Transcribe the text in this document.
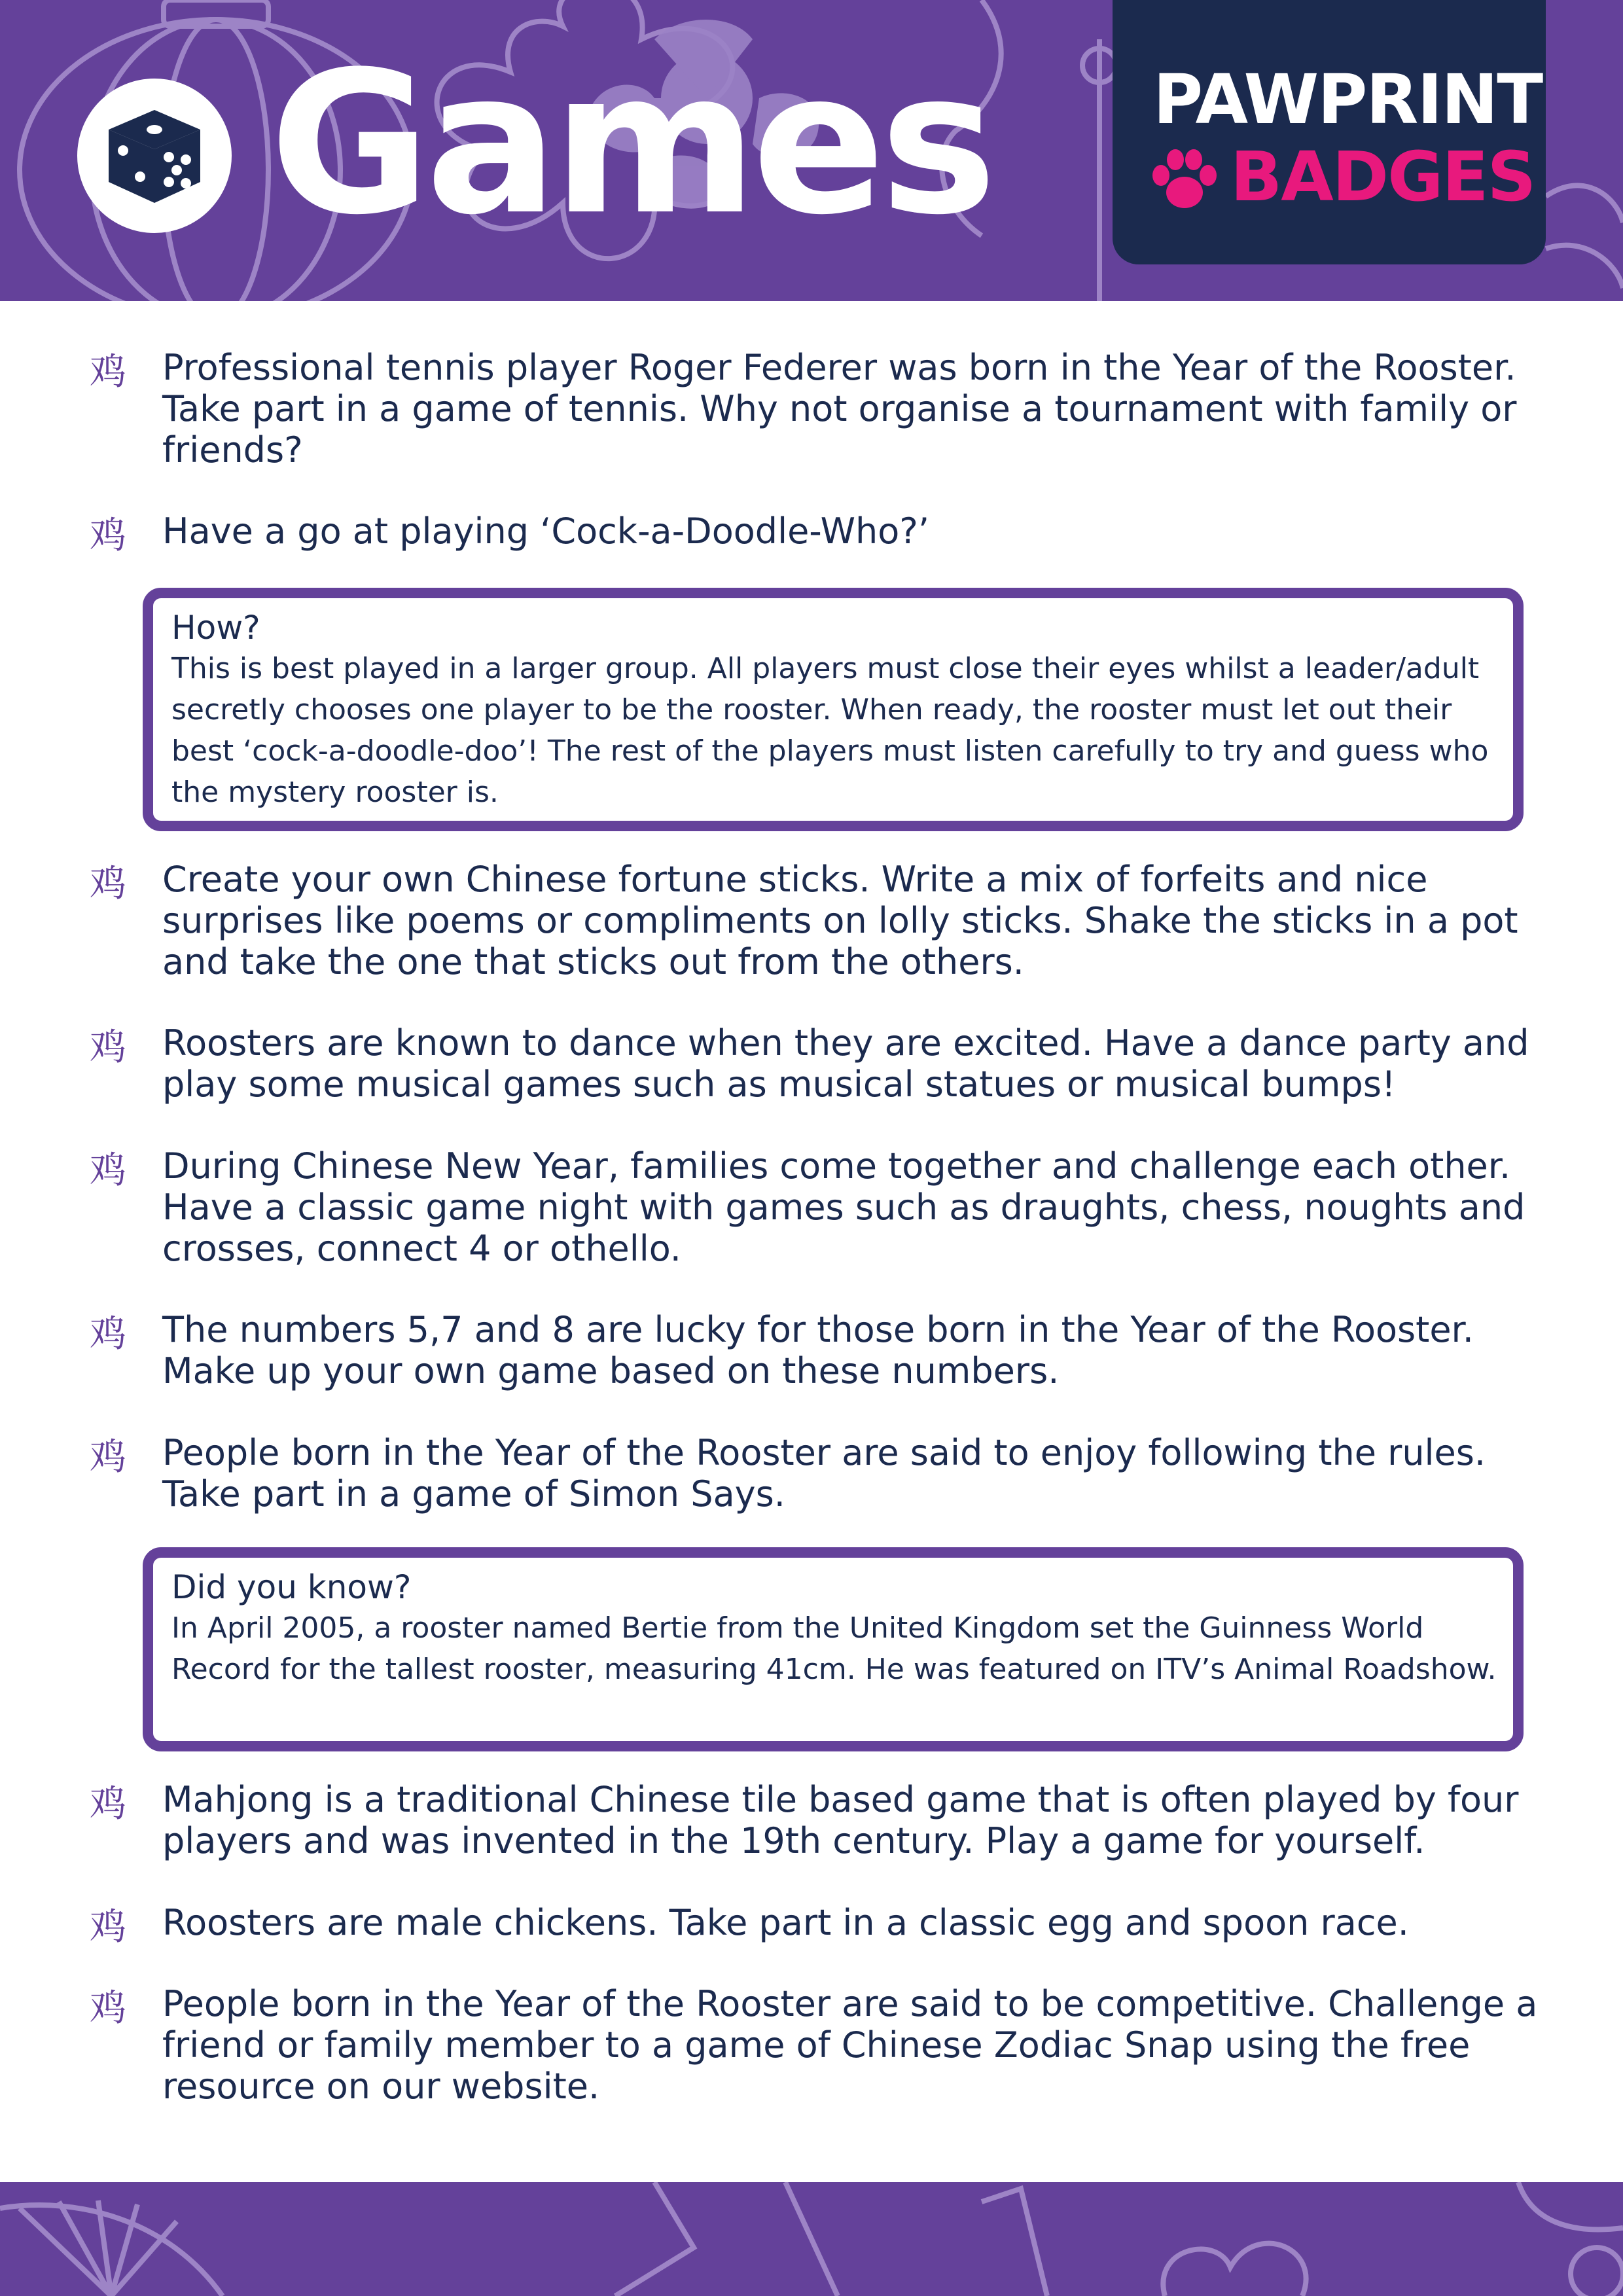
Games PAWPRINT
BADGES
鸡 Professional tennis player Roger Federer was born in the Year of the Rooster. Take part in a game of tennis. Why not organise a tournament with family or friends?
鸡 Have a go at playing ‘Cock-a-Doodle-Who?’
How?
This is best played in a larger group. All players must close their eyes whilst a leader/adult secretly chooses one player to be the rooster. When ready, the rooster must let out their best ‘cock-a-doodle-doo’! The rest of the players must listen carefully to try and guess who the mystery rooster is.
鸡 Create your own Chinese fortune sticks. Write a mix of forfeits and nice surprises like poems or compliments on lolly sticks. Shake the sticks in a pot and take the one that sticks out from the others.
鸡 Roosters are known to dance when they are excited. Have a dance party and play some musical games such as musical statues or musical bumps!
鸡 During Chinese New Year, families come together and challenge each other. Have a classic game night with games such as draughts, chess, noughts and crosses, connect 4 or othello.
鸡 The numbers 5,7 and 8 are lucky for those born in the Year of the Rooster. Make up your own game based on these numbers.
鸡 People born in the Year of the Rooster are said to enjoy following the rules. Take part in a game of Simon Says.
Did you know?
In April 2005, a rooster named Bertie from the United Kingdom set the Guinness World Record for the tallest rooster, measuring 41cm. He was featured on ITV’s Animal Roadshow.
鸡 Mahjong is a traditional Chinese tile based game that is often played by four players and was invented in the 19th century. Play a game for yourself.
鸡 Roosters are male chickens. Take part in a classic egg and spoon race.
鸡 People born in the Year of the Rooster are said to be competitive. Challenge a friend or family member to a game of Chinese Zodiac Snap using the free resource on our website.
